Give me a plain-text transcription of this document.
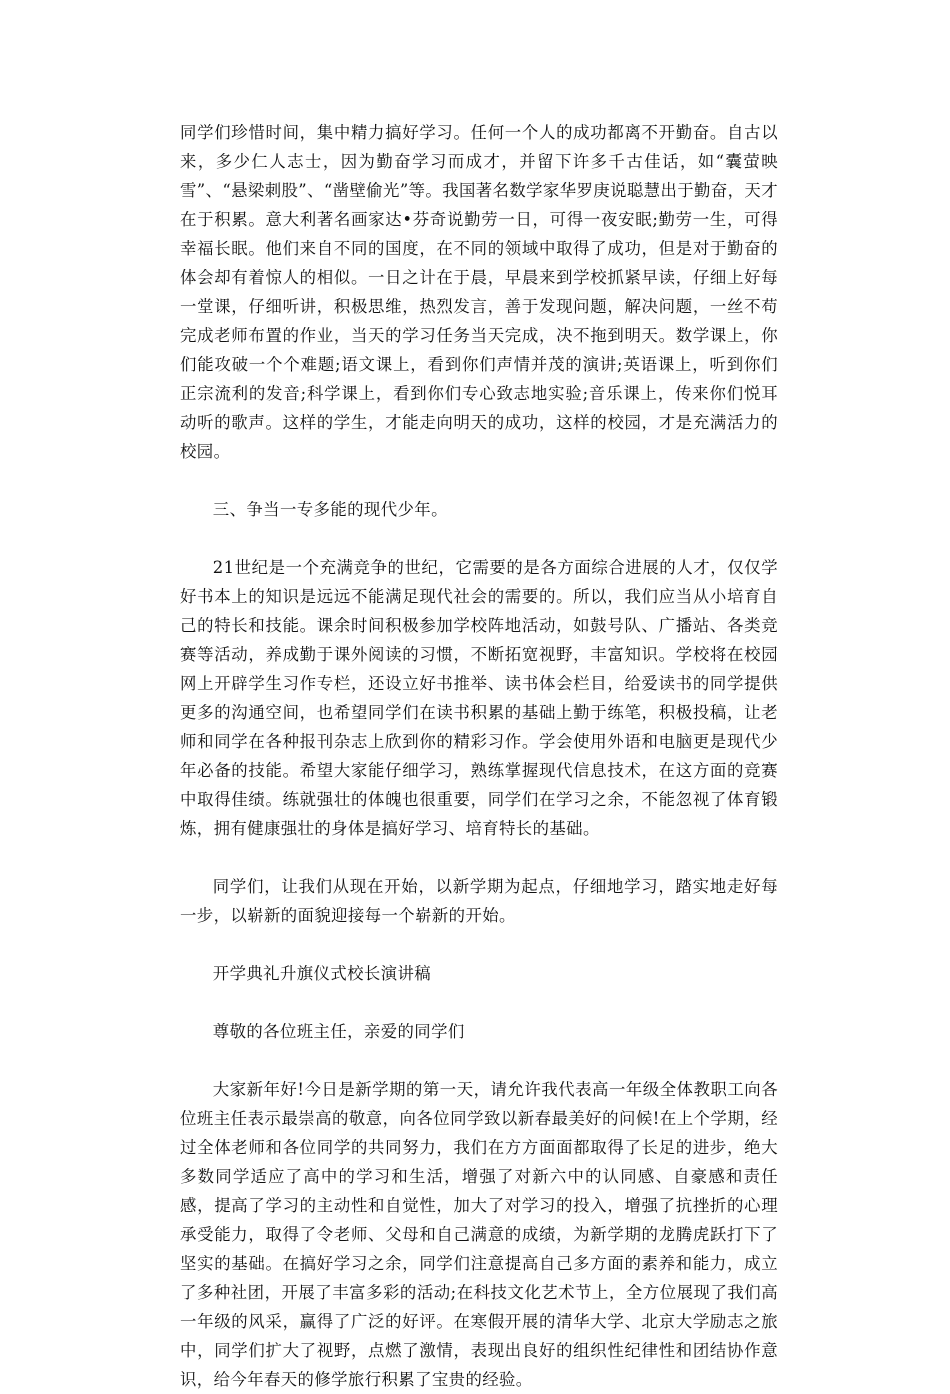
同学们珍惜时间，集中精力搞好学习。任何一个人的成功都离不开勤奋。自古以来，多少仁人志士，因为勤奋学习而成才，并留下许多千古佳话，如“囊萤映雪”、“悬梁刺股”、“凿壁偷光”等。我国著名数学家华罗庚说聪慧出于勤奋，天才在于积累。意大利著名画家达•芬奇说勤劳一日，可得一夜安眠;勤劳一生，可得幸福长眠。他们来自不同的国度，在不同的领域中取得了成功，但是对于勤奋的体会却有着惊人的相似。一日之计在于晨，早晨来到学校抓紧早读，仔细上好每一堂课，仔细听讲，积极思维，热烈发言，善于发现问题，解决问题，一丝不苟完成老师布置的作业，当天的学习任务当天完成，决不拖到明天。数学课上，你们能攻破一个个难题;语文课上，看到你们声情并茂的演讲;英语课上，听到你们正宗流利的发音;科学课上，看到你们专心致志地实验;音乐课上，传来你们悦耳动听的歌声。这样的学生，才能走向明天的成功，这样的校园，才是充满活力的校园。

三、争当一专多能的现代少年。

21世纪是一个充满竞争的世纪，它需要的是各方面综合进展的人才，仅仅学好书本上的知识是远远不能满足现代社会的需要的。所以，我们应当从小培育自己的特长和技能。课余时间积极参加学校阵地活动，如鼓号队、广播站、各类竞赛等活动，养成勤于课外阅读的习惯，不断拓宽视野，丰富知识。学校将在校园网上开辟学生习作专栏，还设立好书推举、读书体会栏目，给爱读书的同学提供更多的沟通空间，也希望同学们在读书积累的基础上勤于练笔，积极投稿，让老师和同学在各种报刊杂志上欣到你的精彩习作。学会使用外语和电脑更是现代少年必备的技能。希望大家能仔细学习，熟练掌握现代信息技术，在这方面的竞赛中取得佳绩。练就强壮的体魄也很重要，同学们在学习之余，不能忽视了体育锻炼，拥有健康强壮的身体是搞好学习、培育特长的基础。

同学们，让我们从现在开始，以新学期为起点，仔细地学习，踏实地走好每一步，以崭新的面貌迎接每一个崭新的开始。

开学典礼升旗仪式校长演讲稿

尊敬的各位班主任，亲爱的同学们

大家新年好!今日是新学期的第一天，请允许我代表高一年级全体教职工向各位班主任表示最崇高的敬意，向各位同学致以新春最美好的问候!在上个学期，经过全体老师和各位同学的共同努力，我们在方方面面都取得了长足的进步，绝大多数同学适应了高中的学习和生活，增强了对新六中的认同感、自豪感和责任感，提高了学习的主动性和自觉性，加大了对学习的投入，增强了抗挫折的心理承受能力，取得了令老师、父母和自己满意的成绩，为新学期的龙腾虎跃打下了坚实的基础。在搞好学习之余，同学们注意提高自己多方面的素养和能力，成立了多种社团，开展了丰富多彩的活动;在科技文化艺术节上，全方位展现了我们高一年级的风采，赢得了广泛的好评。在寒假开展的清华大学、北京大学励志之旅中，同学们扩大了视野，点燃了激情，表现出良好的组织性纪律性和团结协作意识，给今年春天的修学旅行积累了宝贵的经验。
